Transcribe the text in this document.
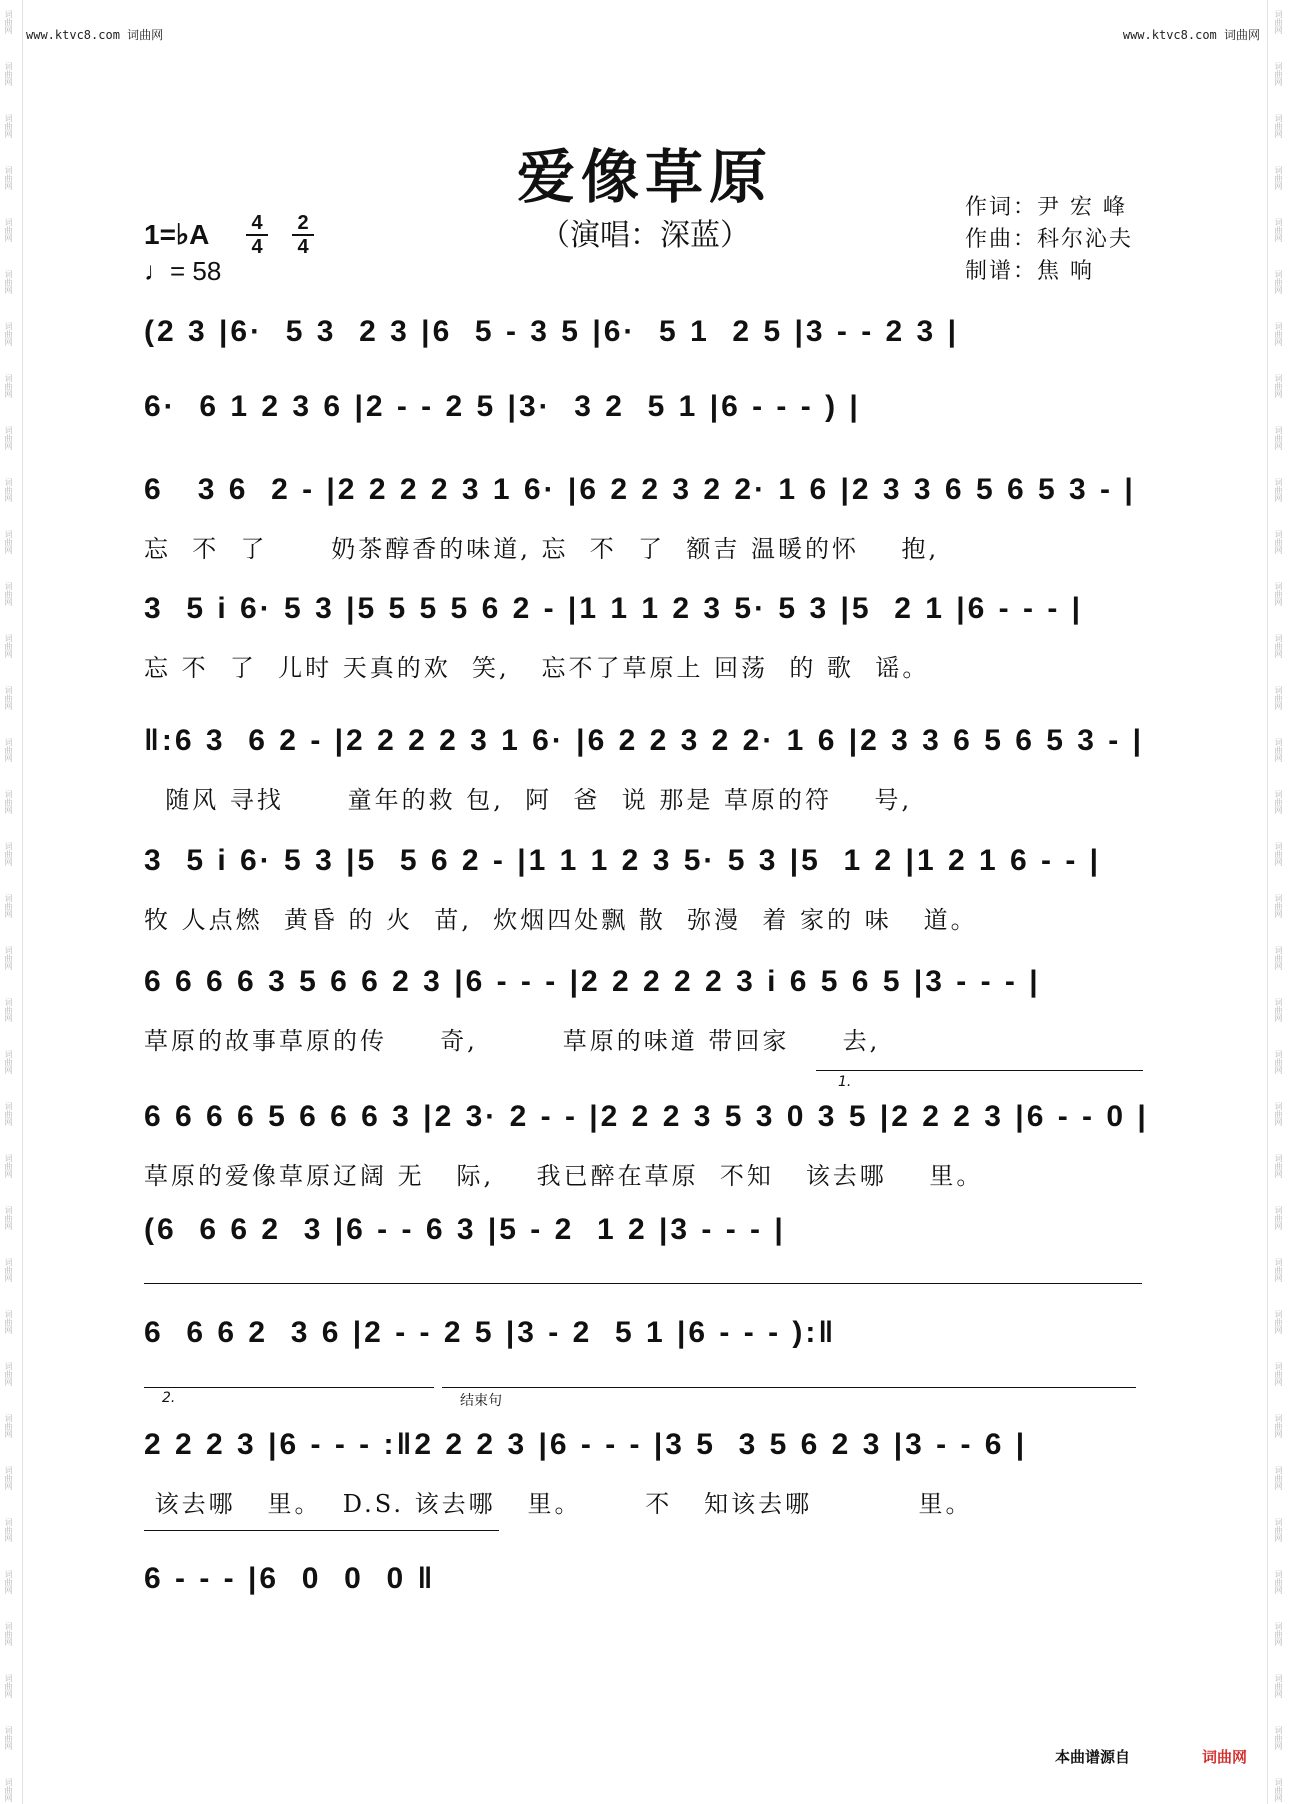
词曲网
词曲网
词曲网
词曲网
词曲网
词曲网
词曲网
词曲网
词曲网
词曲网
词曲网
词曲网
词曲网
词曲网
词曲网
词曲网
词曲网
词曲网
词曲网
词曲网
词曲网
词曲网
词曲网
词曲网
词曲网
词曲网
词曲网
词曲网
词曲网
词曲网
词曲网
词曲网
词曲网
词曲网
词曲网
词曲网
词曲网
词曲网
词曲网
词曲网
词曲网
词曲网
词曲网
词曲网
词曲网
词曲网
词曲网
词曲网
词曲网
词曲网
词曲网
词曲网
词曲网
词曲网
词曲网
词曲网
词曲网
词曲网
词曲网
词曲网
词曲网
词曲网
词曲网
词曲网
词曲网
词曲网
词曲网
词曲网
词曲网
词曲网
www.ktvc8.com 词曲网	www.ktvc8.com 词曲网
爱像草原
（演唱：深蓝）
作词：尹 宏 峰
作曲：科尔沁夫
制谱：焦 响
1=♭A 4
4
2
4
♩= 58
(2 3 |6·  5 3  2 3 |6  5 - 3 5 |6·  5 1  2 5 |3 - - 2 3 |
6·  6 1 2 3 6 |2 - - 2 5 |3·  3 2  5 1 |6 - - - ) |
6   3 6  2 - |2 2 2 2 3 1 6· |6 2 2 3 2 2· 1 6 |2 3 3 6 5 6 5 3 - |
忘  不  了      奶茶醇香的味道, 忘  不  了  额吉 温暖的怀    抱,
3  5 i 6· 5 3 |5 5 5 5 6 2 - |1 1 1 2 3 5· 5 3 |5  2 1 |6 - - - |
忘 不  了  儿时 天真的欢  笑,   忘不了草原上 回荡  的 歌  谣。
‖:6 3  6 2 - |2 2 2 2 3 1 6· |6 2 2 3 2 2· 1 6 |2 3 3 6 5 6 5 3 - |
随风 寻找      童年的救 包,  阿  爸  说 那是 草原的符    号,
3  5 i 6· 5 3 |5  5 6 2 - |1 1 1 2 3 5· 5 3 |5  1 2 |1 2 1 6 - - |
牧 人点燃  黄昏 的 火  苗,  炊烟四处飘 散  弥漫  着 家的 味   道。
6 6 6 6 3 5 6 6 2 3 |6 - - - |2 2 2 2 2 3 i 6 5 6 5 |3 - - - |
草原的故事草原的传     奇,        草原的味道 带回家     去,
1.
6 6 6 6 5 6 6 6 3 |2 3· 2 - - |2 2 2 3 5 3 0 3 5 |2 2 2 3 |6 - - 0 |
草原的爱像草原辽阔 无   际,    我已醉在草原  不知   该去哪    里。
(6  6 6 2  3 |6 - - 6 3 |5 - 2  1 2 |3 - - - |
6  6 6 2  3 6 |2 - - 2 5 |3 - 2  5 1 |6 - - - ):‖
2.	结束句
2 2 2 3 |6 - - - :‖2 2 2 3 |6 - - - |3 5  3 5 6 2 3 |3 - - 6 |
该去哪   里。  D.S. 该去哪   里。      不   知该去哪          里。
6 - - - |6  0  0  0 ‖
本曲谱源自	词曲网
